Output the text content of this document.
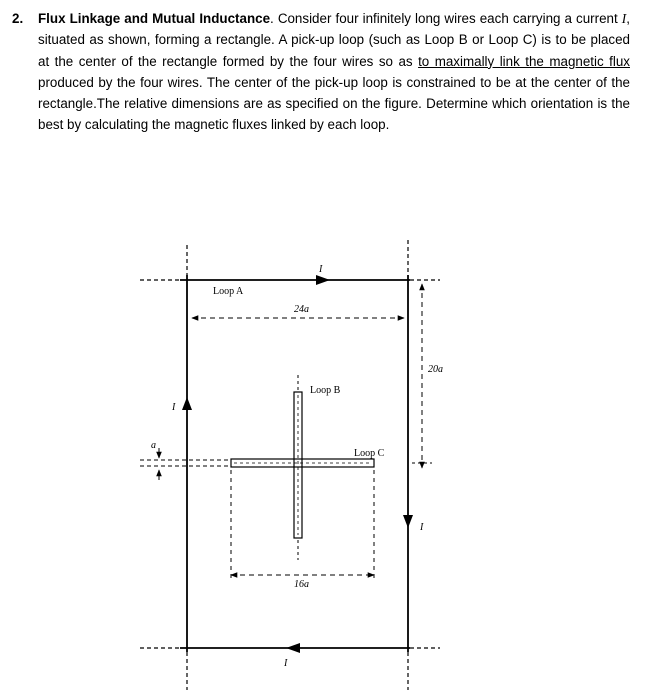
2. Flux Linkage and Mutual Inductance. Consider four infinitely long wires each carrying a current I, situated as shown, forming a rectangle. A pick-up loop (such as Loop B or Loop C) is to be placed at the center of the rectangle formed by the four wires so as to maximally link the magnetic flux produced by the four wires. The center of the pick-up loop is constrained to be at the center of the rectangle.The relative dimensions are as specified on the figure. Determine which orientation is the best by calculating the magnetic fluxes linked by each loop.
I
I
I
I
Loop A
Loop B
Loop C
24a
20a
16a
a
